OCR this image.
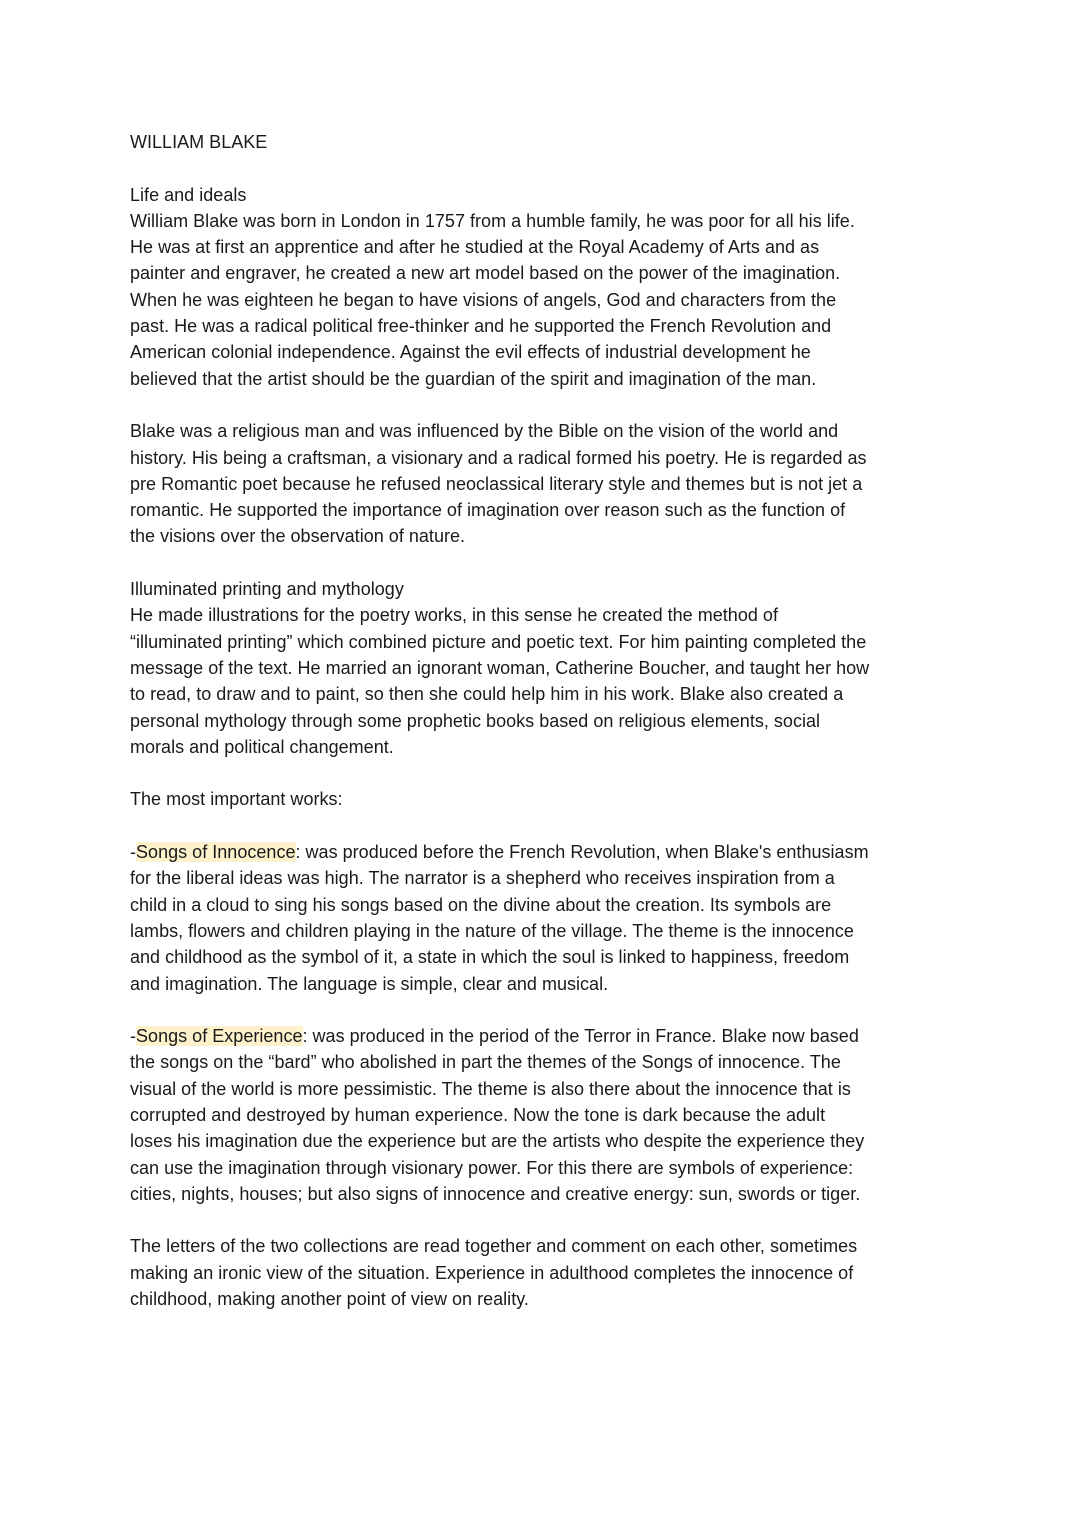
WILLIAM BLAKE
Life and ideals
William Blake was born in London in 1757 from a humble family, he was poor for all his life.
He was at first an apprentice and after he studied at the Royal Academy of Arts and as
painter and engraver, he created a new art model based on the power of the imagination.
When he was eighteen he began to have visions of angels, God and characters from the
past. He was a radical political free-thinker and he supported the French Revolution and
American colonial independence. Against the evil effects of industrial development he
believed that the artist should be the guardian of the spirit and imagination of the man.
Blake was a religious man and was influenced by the Bible on the vision of the world and
history. His being a craftsman, a visionary and a radical formed his poetry. He is regarded as
pre Romantic poet because he refused neoclassical literary style and themes but is not jet a
romantic. He supported the importance of imagination over reason such as the function of
the visions over the observation of nature.
Illuminated printing and mythology
He made illustrations for the poetry works, in this sense he created the method of
“illuminated printing” which combined picture and poetic text. For him painting completed the
message of the text. He married an ignorant woman, Catherine Boucher, and taught her how
to read, to draw and to paint, so then she could help him in his work. Blake also created a
personal mythology through some prophetic books based on religious elements, social
morals and political changement.
The most important works:
-Songs of Innocence: was produced before the French Revolution, when Blake's enthusiasm
for the liberal ideas was high. The narrator is a shepherd who receives inspiration from a
child in a cloud to sing his songs based on the divine about the creation. Its symbols are
lambs, flowers and children playing in the nature of the village. The theme is the innocence
and childhood as the symbol of it, a state in which the soul is linked to happiness, freedom
and imagination. The language is simple, clear and musical.
-Songs of Experience: was produced in the period of the Terror in France. Blake now based
the songs on the “bard” who abolished in part the themes of the Songs of innocence. The
visual of the world is more pessimistic. The theme is also there about the innocence that is
corrupted and destroyed by human experience. Now the tone is dark because the adult
loses his imagination due the experience but are the artists who despite the experience they
can use the imagination through visionary power. For this there are symbols of experience:
cities, nights, houses; but also signs of innocence and creative energy: sun, swords or tiger.
The letters of the two collections are read together and comment on each other, sometimes
making an ironic view of the situation. Experience in adulthood completes the innocence of
childhood, making another point of view on reality.
